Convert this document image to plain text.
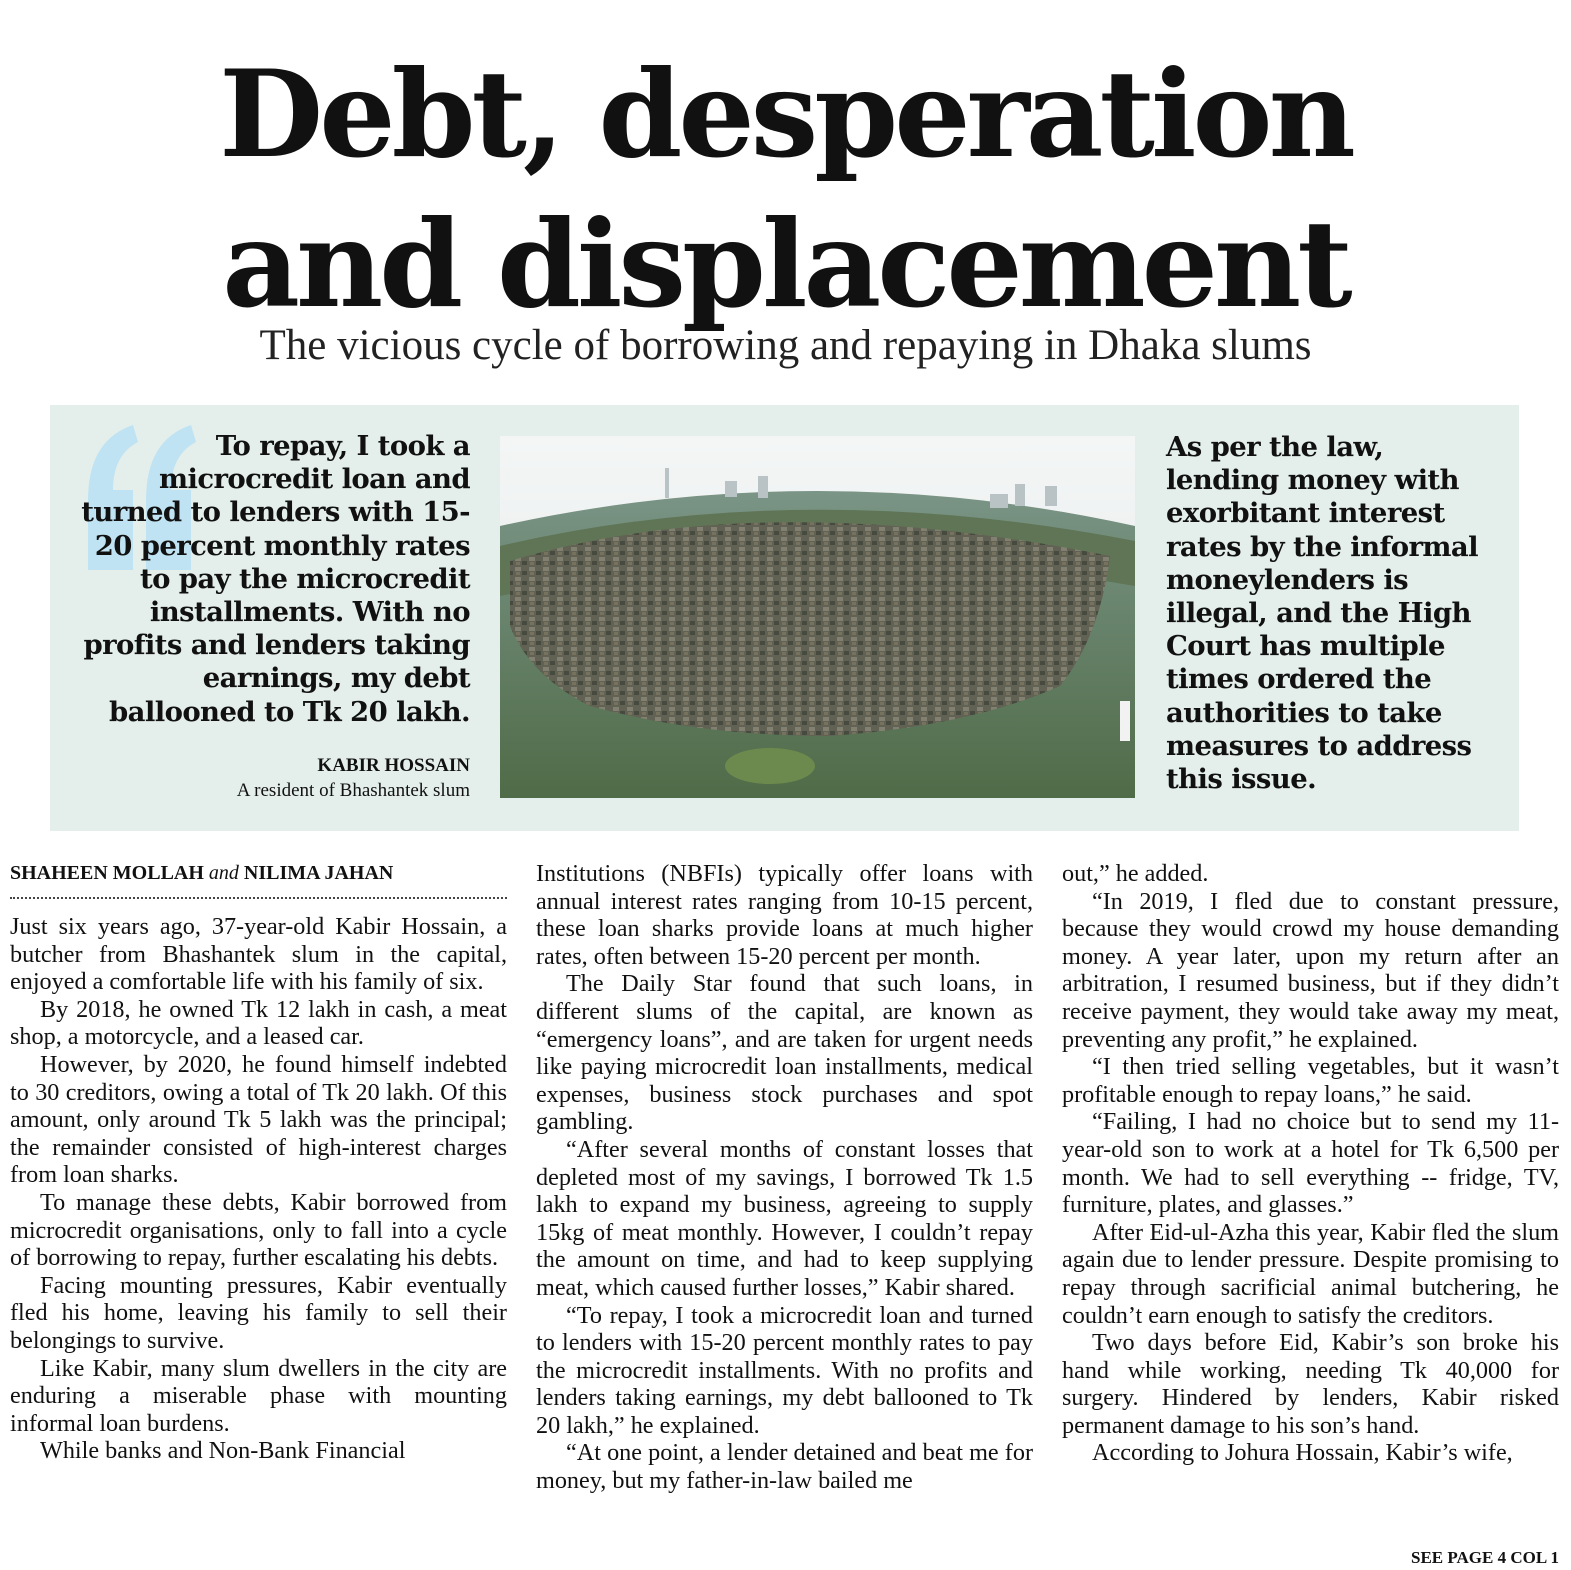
Debt, desperation
and displacement

The vicious cycle of borrowing and repaying in Dhaka slums

To repay, I took a microcredit loan and turned to lenders with 15-20 percent monthly rates to pay the microcredit installments. With no profits and lenders taking earnings, my debt ballooned to Tk 20 lakh.
KABIR HOSSAIN
A resident of Bhashantek slum
As per the law, lending money with exorbitant interest rates by the informal moneylenders is illegal, and the High Court has multiple times ordered the authorities to take measures to address this issue.
SHAHEEN MOLLAH and NILIMA JAHAN

Just six years ago, 37-year-old Kabir Hossain, a butcher from Bhashantek slum in the capital, enjoyed a comfortable life with his family of six.

By 2018, he owned Tk 12 lakh in cash, a meat shop, a motorcycle, and a leased car.

However, by 2020, he found himself indebted to 30 creditors, owing a total of Tk 20 lakh. Of this amount, only around Tk 5 lakh was the principal; the remainder consisted of high-interest charges from loan sharks.

To manage these debts, Kabir borrowed from microcredit organisations, only to fall into a cycle of borrowing to repay, further escalating his debts.

Facing mounting pressures, Kabir eventually fled his home, leaving his family to sell their belongings to survive.

Like Kabir, many slum dwellers in the city are enduring a miserable phase with mounting informal loan burdens.

While banks and Non-Bank Financial

Institutions (NBFIs) typically offer loans with annual interest rates ranging from 10-15 percent, these loan sharks provide loans at much higher rates, often between 15-20 percent per month.

The Daily Star found that such loans, in different slums of the capital, are known as “emergency loans”, and are taken for urgent needs like paying microcredit loan installments, medical expenses, business stock purchases and spot gambling.

“After several months of constant losses that depleted most of my savings, I borrowed Tk 1.5 lakh to expand my business, agreeing to supply 15kg of meat monthly. However, I couldn’t repay the amount on time, and had to keep supplying meat, which caused further losses,” Kabir shared.

“To repay, I took a microcredit loan and turned to lenders with 15-20 percent monthly rates to pay the microcredit installments. With no profits and lenders taking earnings, my debt ballooned to Tk 20 lakh,” he explained.

“At one point, a lender detained and beat me for money, but my father-in-law bailed me

out,” he added.

“In 2019, I fled due to constant pressure, because they would crowd my house demanding money. A year later, upon my return after an arbitration, I resumed business, but if they didn’t receive payment, they would take away my meat, preventing any profit,” he explained.

“I then tried selling vegetables, but it wasn’t profitable enough to repay loans,” he said.

“Failing, I had no choice but to send my 11-year-old son to work at a hotel for Tk 6,500 per month. We had to sell everything -- fridge, TV, furniture, plates, and glasses.”

After Eid-ul-Azha this year, Kabir fled the slum again due to lender pressure. Despite promising to repay through sacrificial animal butchering, he couldn’t earn enough to satisfy the creditors.

Two days before Eid, Kabir’s son broke his hand while working, needing Tk 40,000 for surgery. Hindered by lenders, Kabir risked permanent damage to his son’s hand.

According to Johura Hossain, Kabir’s wife,

SEE PAGE 4 COL 1
